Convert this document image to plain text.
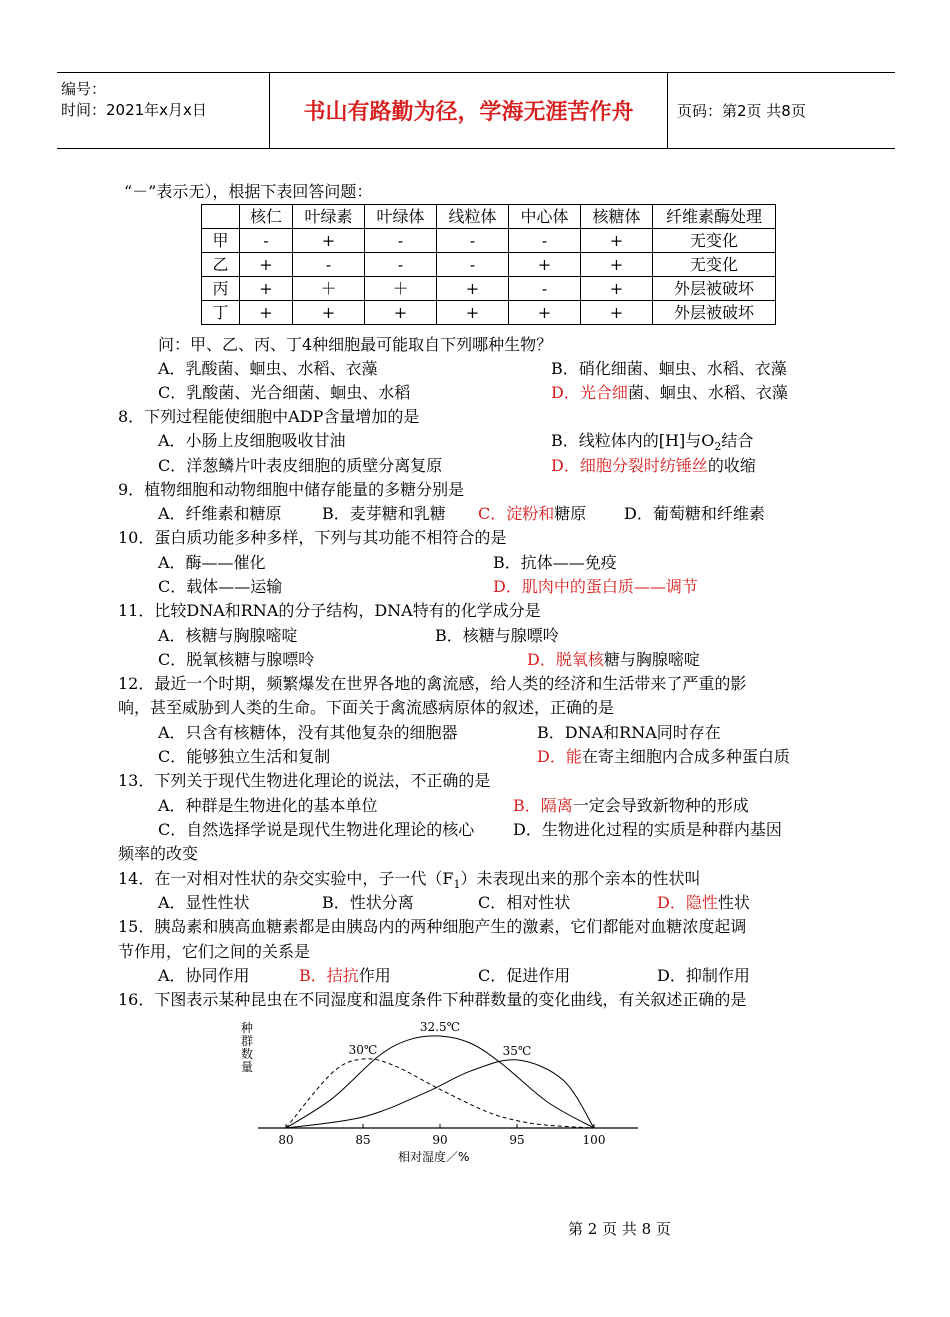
编号：
时间：2021年x月x日	书山有路勤为径，学海无涯苦作舟	页码：第2页 共8页
“－”表示无），根据下表回答问题：
	核仁	叶绿素	叶绿体	线粒体	中心体	核糖体	纤维素酶处理
甲	-	+	-	-	-	+	无变化
乙	+	-	-	-	+	+	无变化
丙	+	＋	＋	+	-	+	外层被破坏
丁	+	+	+	+	+	+	外层被破坏
问：甲、乙、丙、丁4种细胞最可能取自下列哪种生物？
A．乳酸菌、蛔虫、水稻、衣藻	B．硝化细菌、蛔虫、水稻、衣藻
C．乳酸菌、光合细菌、蛔虫、水稻	D．光合细菌、蛔虫、水稻、衣藻
8．下列过程能使细胞中ADP含量增加的是
A．小肠上皮细胞吸收甘油	B．线粒体内的[H]与$O_2$结合
C．洋葱鳞片叶表皮细胞的质壁分离复原	D．细胞分裂时纺锤丝的收缩
9．植物细胞和动物细胞中储存能量的多糖分别是
A．纤维素和糖原	B．麦芽糖和乳糖 C．淀粉和糖原 D．葡萄糖和纤维素
10．蛋白质功能多种多样，下列与其功能不相符合的是
A．酶——催化	B．抗体——免疫
C．载体——运输	D．肌肉中的蛋白质——调节
11．比较DNA和RNA的分子结构，DNA特有的化学成分是
A．核糖与胸腺嘧啶	B．核糖与腺嘌呤
C．脱氧核糖与腺嘌呤	D．脱氧核糖与胸腺嘧啶
12．最近一个时期，频繁爆发在世界各地的禽流感，给人类的经济和生活带来了严重的影
响，甚至威胁到人类的生命。下面关于禽流感病原体的叙述，正确的是
A．只含有核糖体，没有其他复杂的细胞器	B．DNA和RNA同时存在
C．能够独立生活和复制	D．能在寄主细胞内合成多种蛋白质
13．下列关于现代生物进化理论的说法，不正确的是
A．种群是生物进化的基本单位	B．隔离一定会导致新物种的形成
C．自然选择学说是现代生物进化理论的核心 D．生物进化过程的实质是种群内基因
频率的改变
14．在一对相对性状的杂交实验中，子一代$(F_1)$未表现出来的那个亲本的性状叫
A．显性性状	B．性状分离	C．相对性状	D．隐性性状
15．胰岛素和胰高血糖素都是由胰岛内的两种细胞产生的激素，它们都能对血糖浓度起调
节作用，它们之间的关系是
A．协同作用	B．拮抗作用	C．促进作用	D．抑制作用
16．下图表示某种昆虫在不同湿度和温度条件下种群数量的变化曲线，有关叙述正确的是
种群数量
80	85	90	95	100
30℃
32.5℃
35℃
相对湿度／%
第 2 页 共 8 页
